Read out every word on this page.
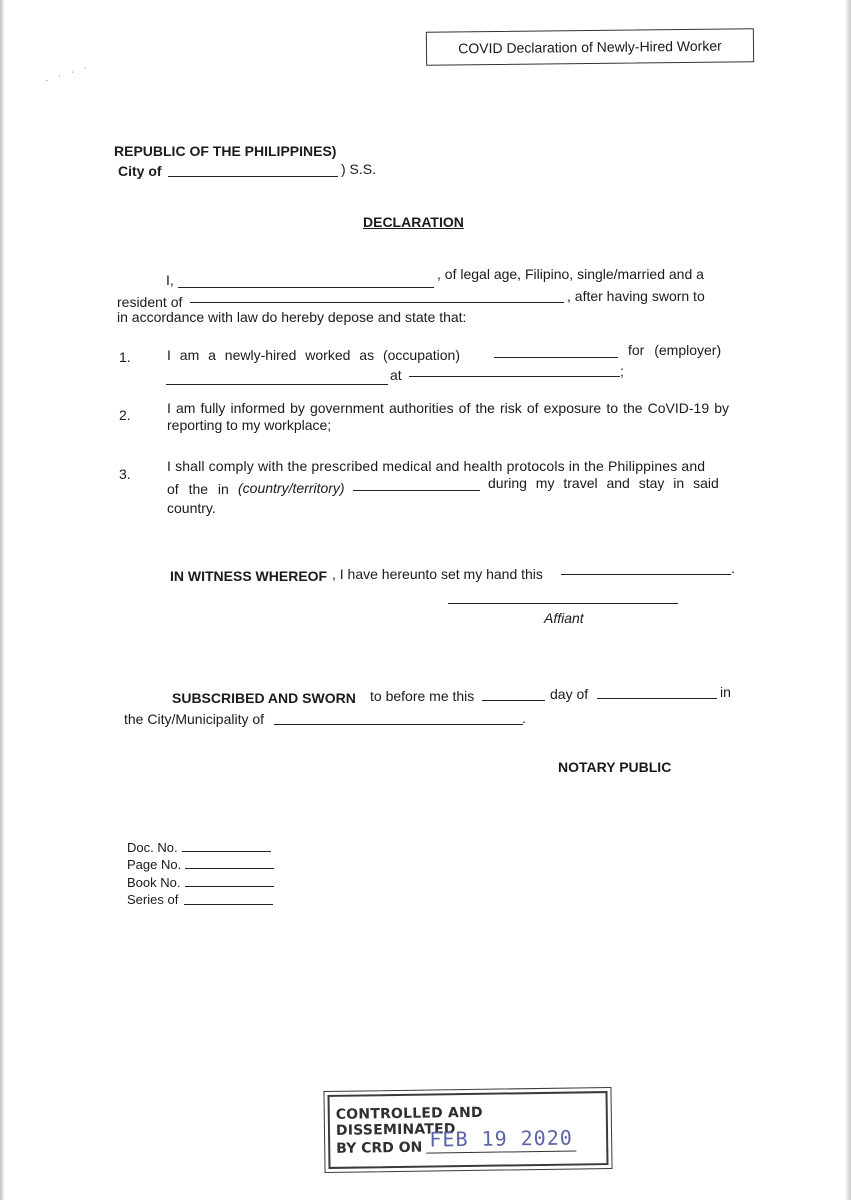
· · · ·
COVID Declaration of Newly-Hired Worker
REPUBLIC OF THE PHILIPPINES)
City of	) S.S.
DECLARATION
I,	, of legal age, Filipino, single/married and a
resident of	, after having sworn to
in accordance with law do hereby depose and state that:
1.	I am a newly-hired worked as (occupation)	for (employer)
at	;
2.	I am fully informed by government authorities of the risk of exposure to the CoVID-19 by reporting to my workplace;
3.	I shall comply with the prescribed medical and health protocols in the Philippines and
of the in (country/territory)	during my travel and stay in said
country.
IN WITNESS WHEREOF , I have hereunto set my hand this	.
Affiant
SUBSCRIBED AND SWORN to before me this	day of	in
the City/Municipality of	.
NOTARY PUBLIC
Doc. No.
Page No.
Book No.
Series of
CONTROLLED AND DISSEMINATED
BY CRD ON FEB 19 2020
